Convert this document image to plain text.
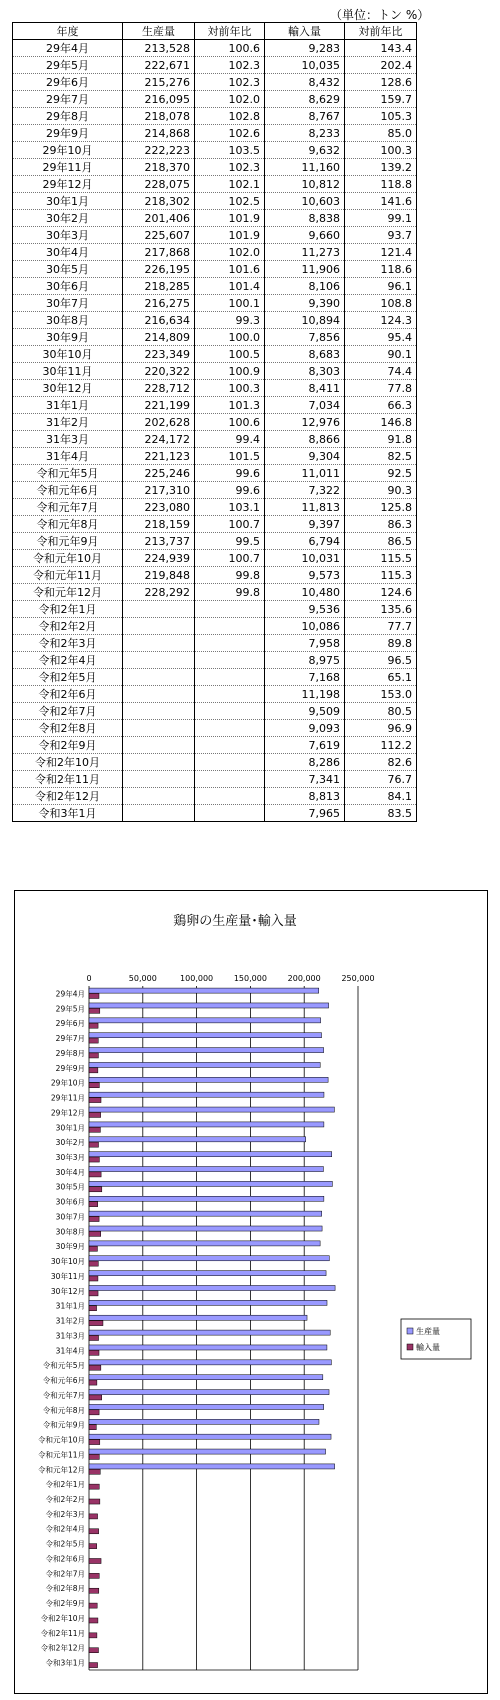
（単位：トン %）
年度	生産量	対前年比	輸入量	対前年比
29年4月	213,528	100.6	9,283	143.4
29年5月	222,671	102.3	10,035	202.4
29年6月	215,276	102.3	8,432	128.6
29年7月	216,095	102.0	8,629	159.7
29年8月	218,078	102.8	8,767	105.3
29年9月	214,868	102.6	8,233	85.0
29年10月	222,223	103.5	9,632	100.3
29年11月	218,370	102.3	11,160	139.2
29年12月	228,075	102.1	10,812	118.8
30年1月	218,302	102.5	10,603	141.6
30年2月	201,406	101.9	8,838	99.1
30年3月	225,607	101.9	9,660	93.7
30年4月	217,868	102.0	11,273	121.4
30年5月	226,195	101.6	11,906	118.6
30年6月	218,285	101.4	8,106	96.1
30年7月	216,275	100.1	9,390	108.8
30年8月	216,634	99.3	10,894	124.3
30年9月	214,809	100.0	7,856	95.4
30年10月	223,349	100.5	8,683	90.1
30年11月	220,322	100.9	8,303	74.4
30年12月	228,712	100.3	8,411	77.8
31年1月	221,199	101.3	7,034	66.3
31年2月	202,628	100.6	12,976	146.8
31年3月	224,172	99.4	8,866	91.8
31年4月	221,123	101.5	9,304	82.5
令和元年5月	225,246	99.6	11,011	92.5
令和元年6月	217,310	99.6	7,322	90.3
令和元年7月	223,080	103.1	11,813	125.8
令和元年8月	218,159	100.7	9,397	86.3
令和元年9月	213,737	99.5	6,794	86.5
令和元年10月	224,939	100.7	10,031	115.5
令和元年11月	219,848	99.8	9,573	115.3
令和元年12月	228,292	99.8	10,480	124.6
令和2年1月			9,536	135.6
令和2年2月			10,086	77.7
令和2年3月			7,958	89.8
令和2年4月			8,975	96.5
令和2年5月			7,168	65.1
令和2年6月			11,198	153.0
令和2年7月			9,509	80.5
令和2年8月			9,093	96.9
令和2年9月			7,619	112.2
令和2年10月			8,286	82.6
令和2年11月			7,341	76.7
令和2年12月			8,813	84.1
令和3年1月			7,965	83.5
鶏卵の生産量･輸入量
0	50,000	100,000	150,000	200,000	250,000
29年4月
29年5月
29年6月
29年7月
29年8月
29年9月
29年10月
29年11月
29年12月
30年1月
30年2月
30年3月
30年4月
30年5月
30年6月
30年7月
30年8月
30年9月
30年10月
30年11月
30年12月
31年1月
31年2月
31年3月
31年4月
令和元年5月
令和元年6月
令和元年7月
令和元年8月
令和元年9月
令和元年10月
令和元年11月
令和元年12月
令和2年1月
令和2年2月
令和2年3月
令和2年4月
令和2年5月
令和2年6月
令和2年7月
令和2年8月
令和2年9月
令和2年10月
令和2年11月
令和2年12月
令和3年1月
生産量
輸入量
